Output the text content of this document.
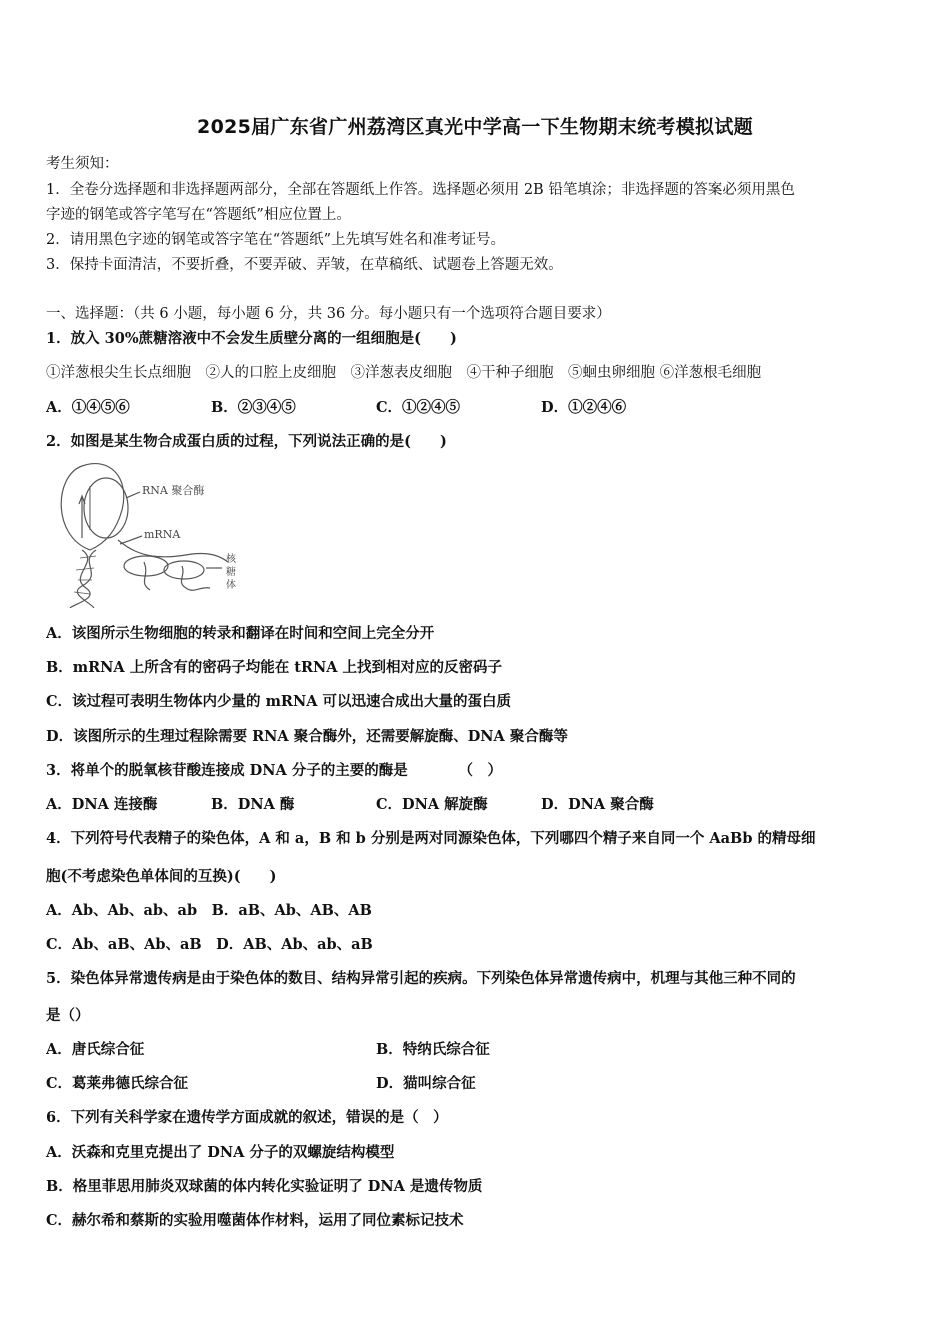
2025届广东省广州荔湾区真光中学高一下生物期末统考模拟试题
考生须知：
1．全卷分选择题和非选择题两部分，全部在答题纸上作答。选择题必须用 2B 铅笔填涂；非选择题的答案必须用黑色
字迹的钢笔或答字笔写在“答题纸”相应位置上。
2．请用黑色字迹的钢笔或答字笔在“答题纸”上先填写姓名和准考证号。
3．保持卡面清洁，不要折叠，不要弄破、弄皱，在草稿纸、试题卷上答题无效。
一、选择题：（共 6 小题，每小题 6 分，共 36 分。每小题只有一个选项符合题目要求）
1．放入 30%蔗糖溶液中不会发生质壁分离的一组细胞是(　　)
①洋葱根尖生长点细胞　②人的口腔上皮细胞　③洋葱表皮细胞　④干种子细胞　⑤蛔虫卵细胞 ⑥洋葱根毛细胞
A．①④⑤⑥	B．②③④⑤	C．①②④⑤	D．①②④⑥
2．如图是某生物合成蛋白质的过程，下列说法正确的是(　　)
RNA 聚合酶
mRNA
核 糖 体
A．该图所示生物细胞的转录和翻译在时间和空间上完全分开
B．mRNA 上所含有的密码子均能在 tRNA 上找到相对应的反密码子
C．该过程可表明生物体内少量的 mRNA 可以迅速合成出大量的蛋白质
D．该图所示的生理过程除需要 RNA 聚合酶外，还需要解旋酶、DNA 聚合酶等
3．将单个的脱氧核苷酸连接成 DNA 分子的主要的酶是　　　　（　）
A．DNA 连接酶	B．DNA 酶	C．DNA 解旋酶	D．DNA 聚合酶
4．下列符号代表精子的染色体，A 和 a，B 和 b 分别是两对同源染色体，下列哪四个精子来自同一个 AaBb 的精母细
胞(不考虑染色单体间的互换)(　　)
A．Ab、Ab、ab、ab　B．aB、Ab、AB、AB
C．Ab、aB、Ab、aB　D．AB、Ab、ab、aB
5．染色体异常遗传病是由于染色体的数目、结构异常引起的疾病。下列染色体异常遗传病中，机理与其他三种不同的
是（）
A．唐氏综合征	B．特纳氏综合征
C．葛莱弗德氏综合征	D．猫叫综合征
6．下列有关科学家在遗传学方面成就的叙述，错误的是（　）
A．沃森和克里克提出了 DNA 分子的双螺旋结构模型
B．格里菲思用肺炎双球菌的体内转化实验证明了 DNA 是遗传物质
C．赫尔希和蔡斯的实验用噬菌体作材料，运用了同位素标记技术
